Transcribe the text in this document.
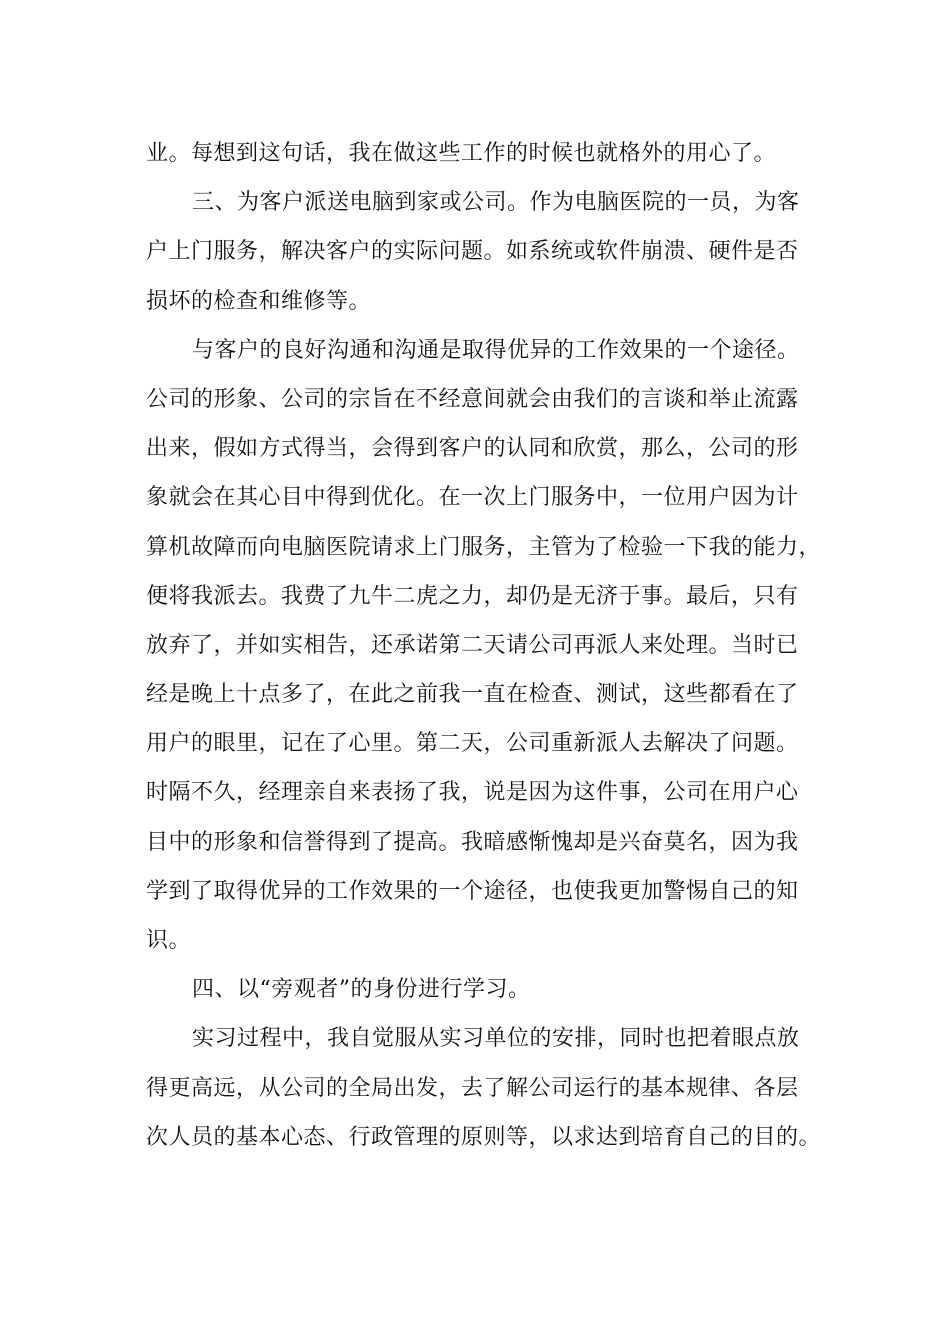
业。每想到这句话，我在做这些工作的时候也就格外的用心了。
三、为客户派送电脑到家或公司。作为电脑医院的一员，为客
户上门服务，解决客户的实际问题。如系统或软件崩溃、硬件是否
损坏的检查和维修等。
与客户的良好沟通和沟通是取得优异的工作效果的一个途径。
公司的形象、公司的宗旨在不经意间就会由我们的言谈和举止流露
出来，假如方式得当，会得到客户的认同和欣赏，那么，公司的形
象就会在其心目中得到优化。在一次上门服务中，一位用户因为计
算机故障而向电脑医院请求上门服务，主管为了检验一下我的能力，
便将我派去。我费了九牛二虎之力，却仍是无济于事。最后，只有
放弃了，并如实相告，还承诺第二天请公司再派人来处理。当时已
经是晚上十点多了，在此之前我一直在检查、测试，这些都看在了
用户的眼里，记在了心里。第二天，公司重新派人去解决了问题。
时隔不久，经理亲自来表扬了我，说是因为这件事，公司在用户心
目中的形象和信誉得到了提高。我暗感惭愧却是兴奋莫名，因为我
学到了取得优异的工作效果的一个途径，也使我更加警惕自己的知
识。
四、以“旁观者”的身份进行学习。
实习过程中，我自觉服从实习单位的安排，同时也把着眼点放
得更高远，从公司的全局出发，去了解公司运行的基本规律、各层
次人员的基本心态、行政管理的原则等，以求达到培育自己的目的。
